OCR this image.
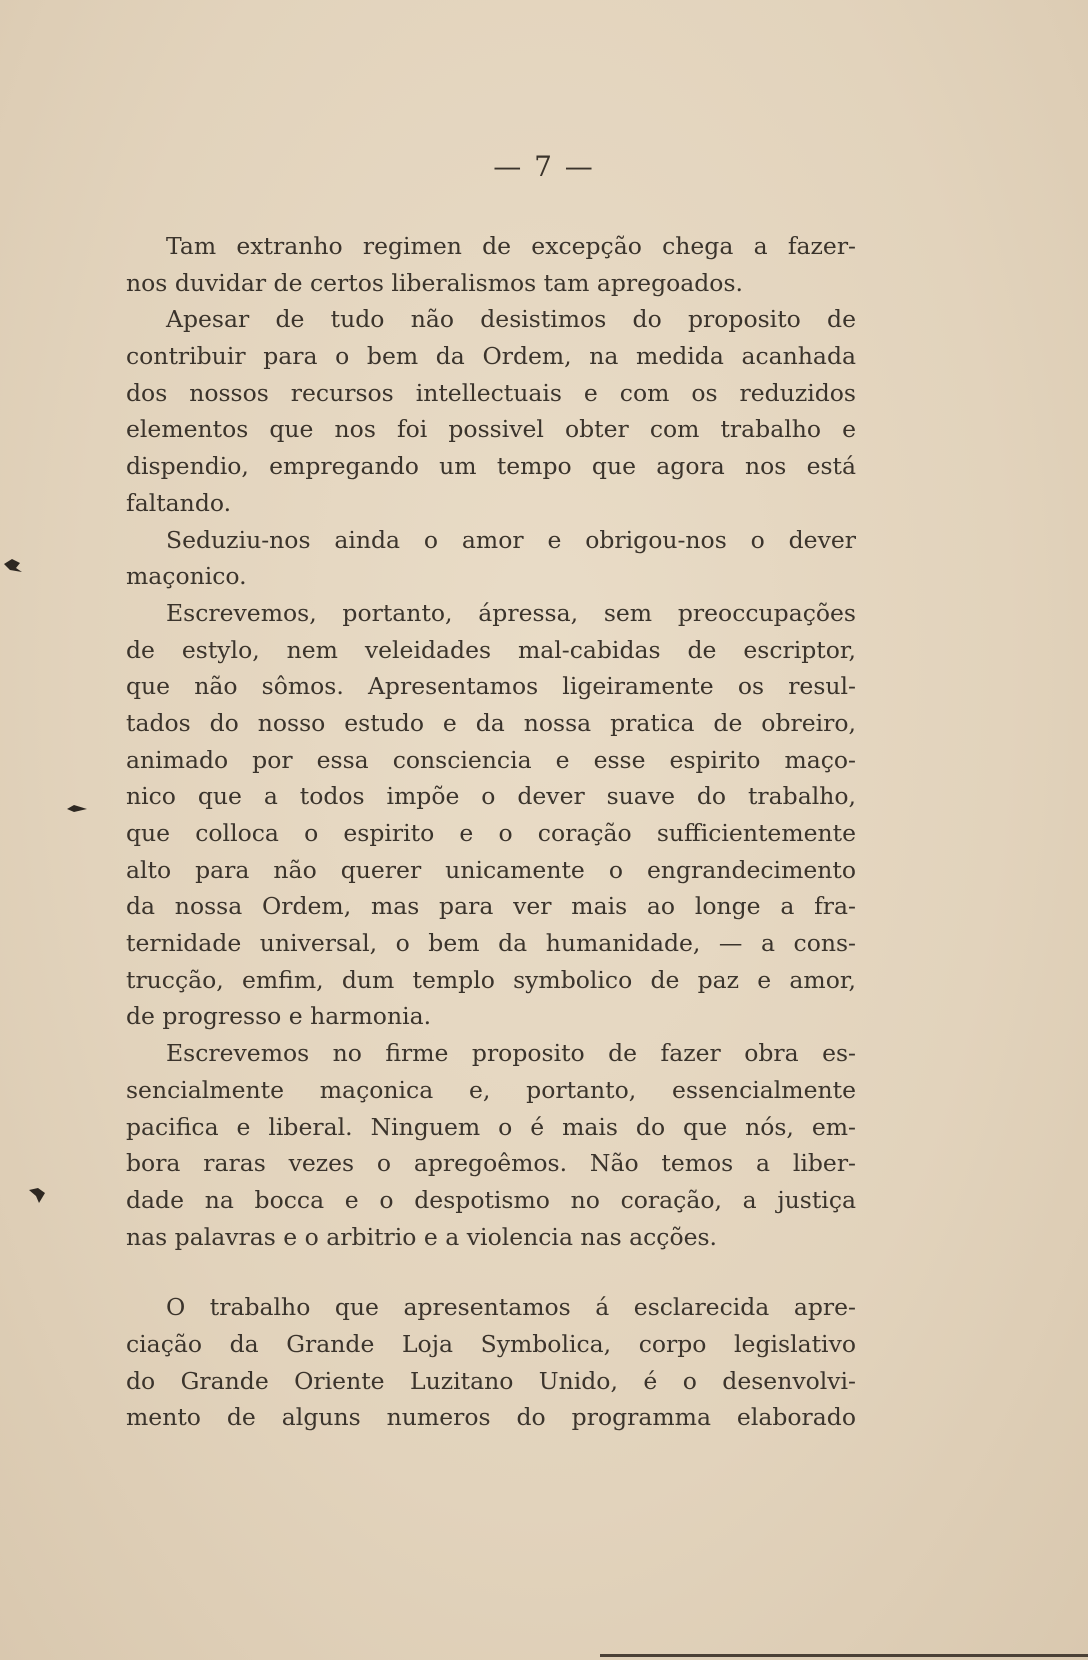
— 7 —
Tam extranho regimen de excepção chega a fazer-
nos duvidar de certos liberalismos tam apregoados.
Apesar de tudo não desistimos do proposito de
contribuir para o bem da Ordem, na medida acanhada
dos nossos recursos intellectuais e com os reduzidos
elementos que nos foi possivel obter com trabalho e
dispendio, empregando um tempo que agora nos está
faltando.
Seduziu-nos ainda o amor e obrigou-nos o dever
maçonico.
Escrevemos, portanto, ápressa, sem preoccupações
de estylo, nem veleidades mal-cabidas de escriptor,
que não sômos. Apresentamos ligeiramente os resul-
tados do nosso estudo e da nossa pratica de obreiro,
animado por essa consciencia e esse espirito maço-
nico que a todos impõe o dever suave do trabalho,
que colloca o espirito e o coração sufficientemente
alto para não querer unicamente o engrandecimento
da nossa Ordem, mas para ver mais ao longe a fra-
ternidade universal, o bem da humanidade, — a cons-
trucção, emfim, dum templo symbolico de paz e amor,
de progresso e harmonia.
Escrevemos no firme proposito de fazer obra es-
sencialmente maçonica e, portanto, essencialmente
pacifica e liberal. Ninguem o é mais do que nós, em-
bora raras vezes o apregoêmos. Não temos a liber-
dade na bocca e o despotismo no coração, a justiça
nas palavras e o arbitrio e a violencia nas acções.
O trabalho que apresentamos á esclarecida apre-
ciação da Grande Loja Symbolica, corpo legislativo
do Grande Oriente Luzitano Unido, é o desenvolvi-
mento de alguns numeros do programma elaborado
